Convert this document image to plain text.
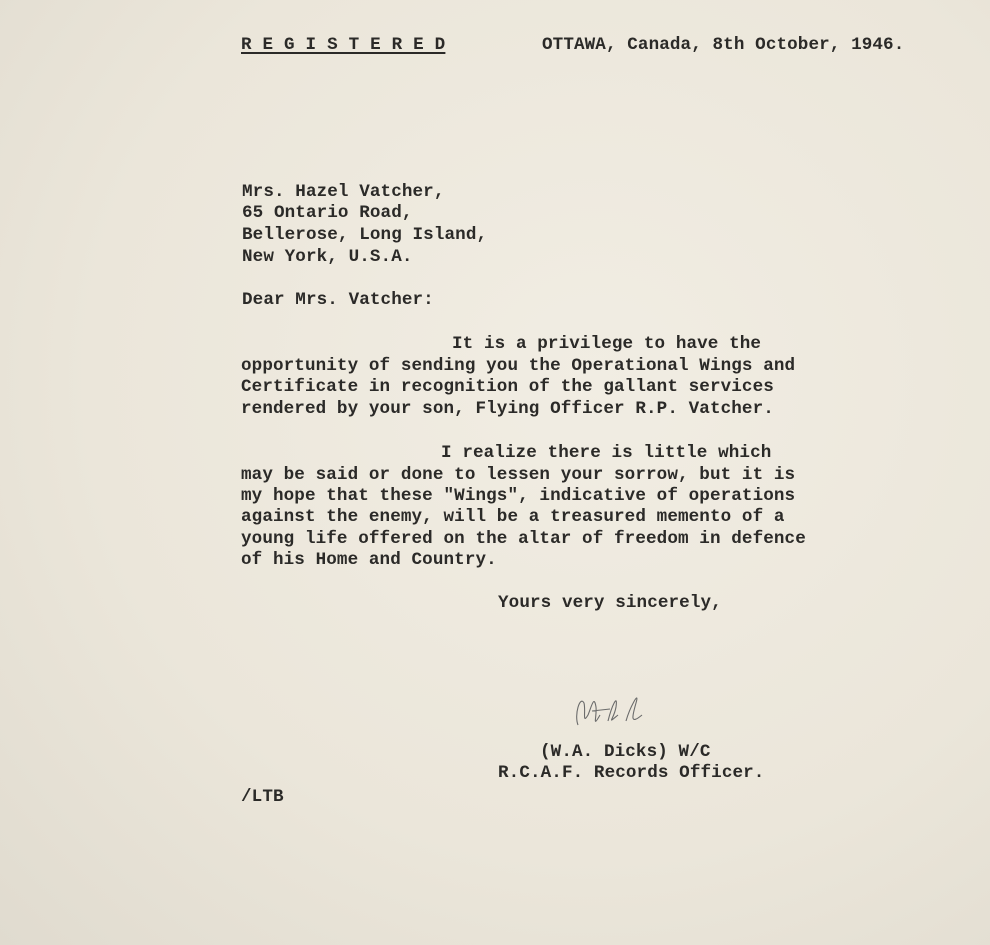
R E G I S T E R E D	OTTAWA, Canada, 8th October, 1946.
Mrs. Hazel Vatcher,
65 Ontario Road,
Bellerose, Long Island,
New York, U.S.A.
Dear Mrs. Vatcher:
It is a privilege to have the
opportunity of sending you the Operational Wings and
Certificate in recognition of the gallant services
rendered by your son, Flying Officer R.P. Vatcher.
I realize there is little which
may be said or done to lessen your sorrow, but it is
my hope that these "Wings", indicative of operations
against the enemy, will be a treasured memento of a
young life offered on the altar of freedom in defence
of his Home and Country.
Yours very sincerely,
(W.A. Dicks) W/C
R.C.A.F. Records Officer.
/LTB
